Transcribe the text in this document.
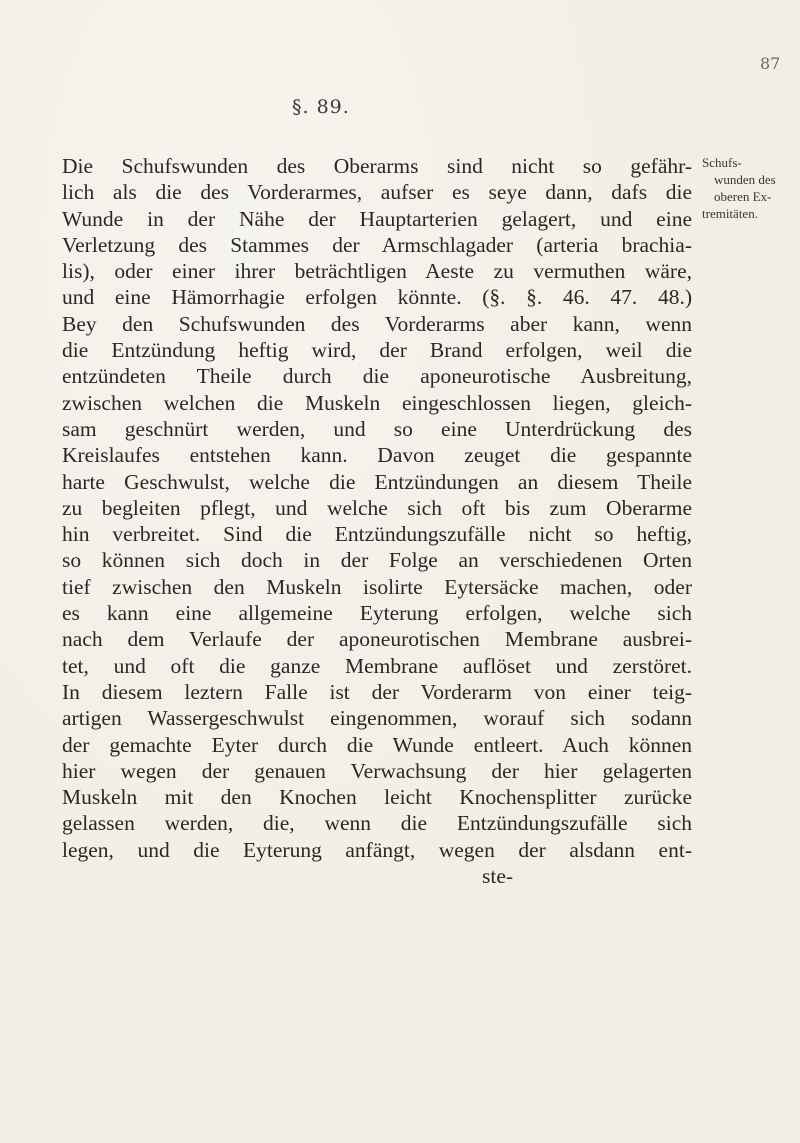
87
§. 89.
Schufs-
wunden des
oberen Ex-
tremitäten.
Die Schufswunden des Oberarms sind nicht so gefähr-
lich als die des Vorderarmes, aufser es seye dann, dafs die
Wunde in der Nähe der Hauptarterien gelagert, und eine
Verletzung des Stammes der Armschlagader (arteria brachia-
lis), oder einer ihrer beträchtligen Aeste zu vermuthen wäre,
und eine Hämorrhagie erfolgen könnte. (§. §. 46. 47. 48.)
Bey den Schufswunden des Vorderarms aber kann, wenn
die Entzündung heftig wird, der Brand erfolgen, weil die
entzündeten Theile durch die aponeurotische Ausbreitung,
zwischen welchen die Muskeln eingeschlossen liegen, gleich-
sam geschnürt werden, und so eine Unterdrückung des
Kreislaufes entstehen kann. Davon zeuget die gespannte
harte Geschwulst, welche die Entzündungen an diesem Theile
zu begleiten pflegt, und welche sich oft bis zum Oberarme
hin verbreitet. Sind die Entzündungszufälle nicht so heftig,
so können sich doch in der Folge an verschiedenen Orten
tief zwischen den Muskeln isolirte Eytersäcke machen, oder
es kann eine allgemeine Eyterung erfolgen, welche sich
nach dem Verlaufe der aponeurotischen Membrane ausbrei-
tet, und oft die ganze Membrane auflöset und zerstöret.
In diesem leztern Falle ist der Vorderarm von einer teig-
artigen Wassergeschwulst eingenommen, worauf sich sodann
der gemachte Eyter durch die Wunde entleert. Auch können
hier wegen der genauen Verwachsung der hier gelagerten
Muskeln mit den Knochen leicht Knochensplitter zurücke
gelassen werden, die, wenn die Entzündungszufälle sich
legen, und die Eyterung anfängt, wegen der alsdann ent-
ste-
